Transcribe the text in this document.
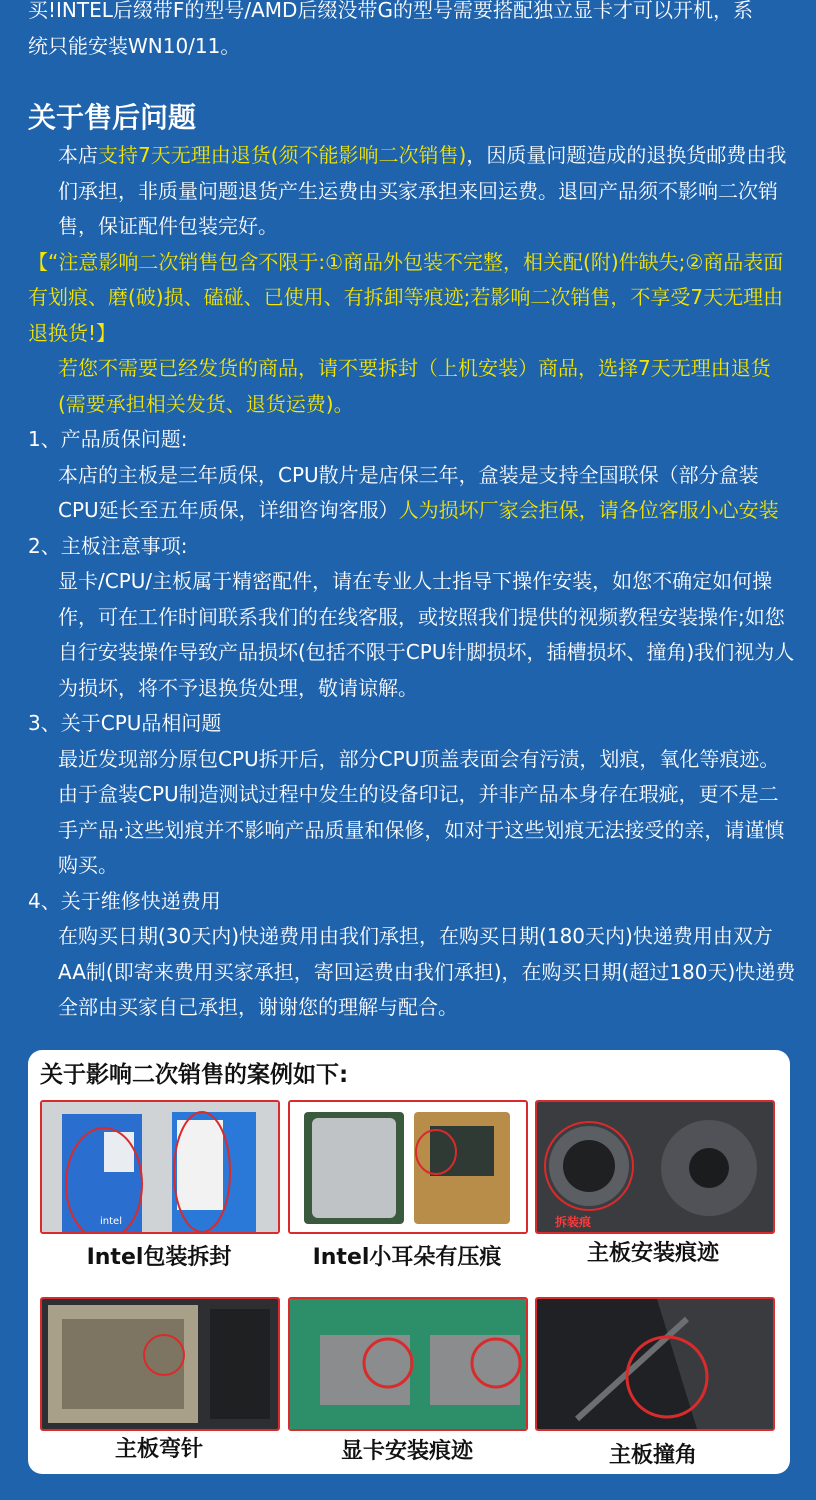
买!INTEL后缀带F的型号/AMD后缀没带G的型号需要搭配独立显卡才可以开机，系
统只能安装WN10/11。
关于售后问题
本店支持7天无理由退货(须不能影响二次销售)，因质量问题造成的退换货邮费由我们承担，非质量问题退货产生运费由买家承担来回运费。退回产品须不影响二次销售，保证配件包装完好。
【“注意影响二次销售包含不限于:①商品外包装不完整，相关配(附)件缺失;②商品表面有划痕、磨(破)损、磕碰、已使用、有拆卸等痕迹;若影响二次销售，不享受7天无理由退换货!】
若您不需要已经发货的商品，请不要拆封（上机安装）商品，选择7天无理由退货(需要承担相关发货、退货运费)。
1、产品质保问题:
本店的主板是三年质保，CPU散片是店保三年，盒装是支持全国联保（部分盒装CPU延长至五年质保，详细咨询客服）人为损坏厂家会拒保，请各位客服小心安装
2、主板注意事项:
显卡/CPU/主板属于精密配件，请在专业人士指导下操作安装，如您不确定如何操作，可在工作时间联系我们的在线客服，或按照我们提供的视频教程安装操作;如您自行安装操作导致产品损坏(包括不限于CPU针脚损坏，插槽损坏、撞角)我们视为人为损坏，将不予退换货处理，敬请谅解。
3、关于CPU品相问题
最近发现部分原包CPU拆开后，部分CPU顶盖表面会有污渍，划痕，氧化等痕迹。由于盒装CPU制造测试过程中发生的设备印记，并非产品本身存在瑕疵，更不是二手产品·这些划痕并不影响产品质量和保修，如对于这些划痕无法接受的亲，请谨慎购买。
4、关于维修快递费用
在购买日期(30天内)快递费用由我们承担，在购买日期(180天内)快递费用由双方AA制(即寄来费用买家承担，寄回运费由我们承担)，在购买日期(超过180天)快递费全部由买家自己承担，谢谢您的理解与配合。
关于影响二次销售的案例如下:
intel
Intel包装拆封	Intel小耳朵有压痕
拆装痕
主板安装痕迹
主板弯针	显卡安装痕迹	主板撞角
